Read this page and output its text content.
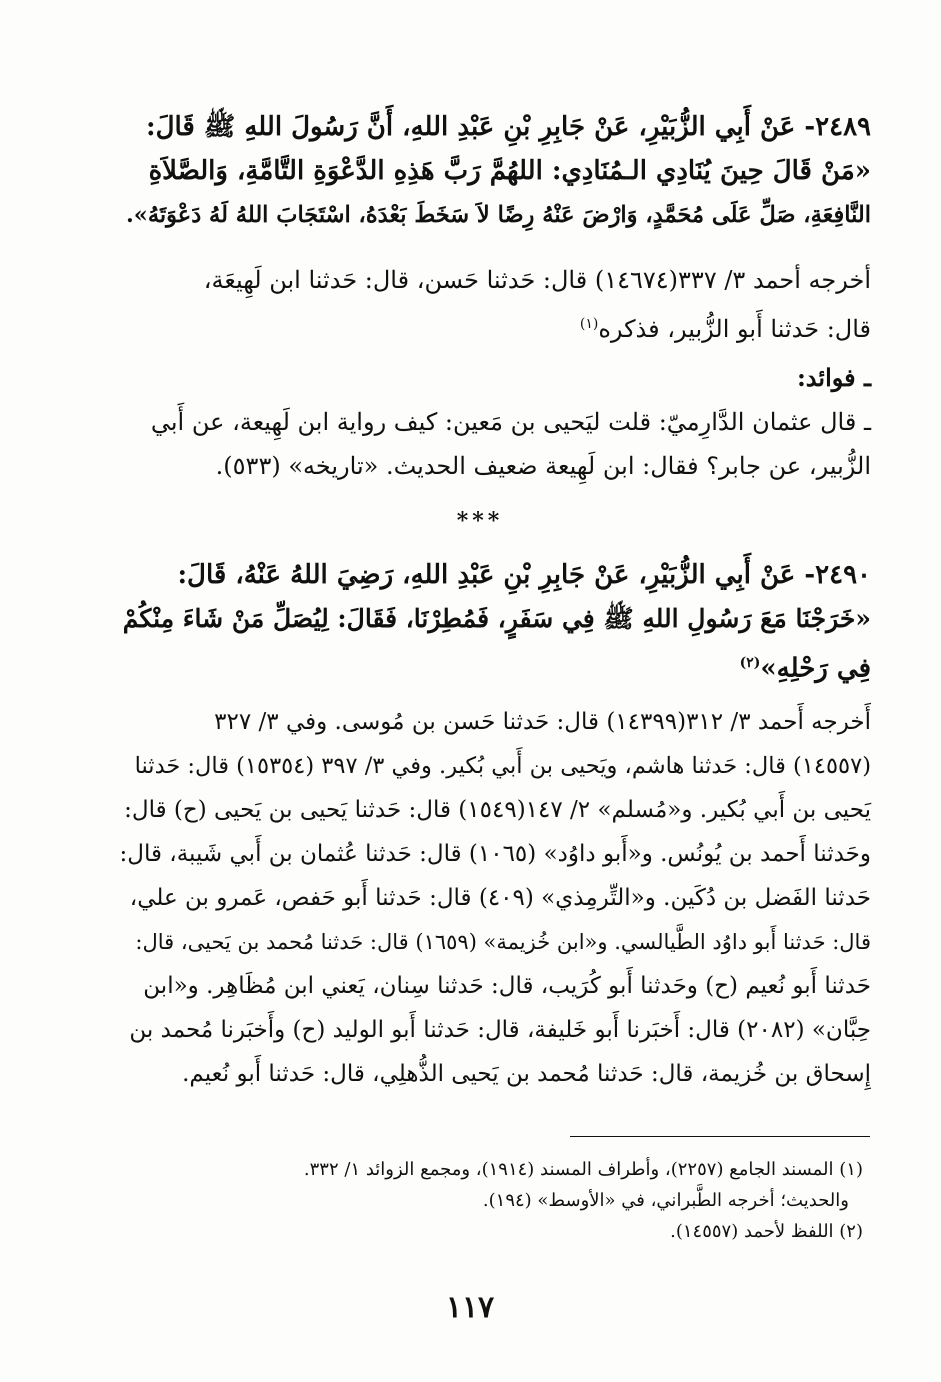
٢٤٨٩- عَنْ أَبِي الزُّبَيْرِ، عَنْ جَابِرِ بْنِ عَبْدِ اللهِ، أَنَّ رَسُولَ اللهِ ﷺ قَالَ:
«مَنْ قَالَ حِينَ يُنَادِي الـمُنَادِي: اللهُمَّ رَبَّ هَذِهِ الدَّعْوَةِ التَّامَّةِ، وَالصَّلاَةِ
النَّافِعَةِ، صَلِّ عَلَى مُحَمَّدٍ، وَارْضَ عَنْهُ رِضًا لاَ سَخَطَ بَعْدَهُ، اسْتَجَابَ اللهُ لَهُ دَعْوَتَهُ».
أخرجه أحمد ٣/ ٣٣٧(١٤٦٧٤) قال: حَدثنا حَسن، قال: حَدثنا ابن لَهِيعَة،
قال: حَدثنا أَبو الزُّبير، فذكره$^{(١)}$
ـ فوائد:
ـ قال عثمان الدَّارِميّ: قلت ليَحيى بن مَعين: كيف رواية ابن لَهِيعة، عن أَبي
الزُّبير، عن جابر؟ فقال: ابن لَهِيعة ضعيف الحديث. «تاريخه» (٥٣٣).
***
٢٤٩٠- عَنْ أَبِي الزُّبَيْرِ، عَنْ جَابِرِ بْنِ عَبْدِ اللهِ، رَضِيَ اللهُ عَنْهُ، قَالَ:
«خَرَجْنَا مَعَ رَسُولِ اللهِ ﷺ فِي سَفَرٍ، فَمُطِرْنَا، فَقَالَ: لِيُصَلِّ مَنْ شَاءَ مِنْكُمْ
فِي رَحْلِهِ»$^{(٢)}$
أَخرجه أَحمد ٣/ ٣١٢(١٤٣٩٩) قال: حَدثنا حَسن بن مُوسى. وفي ٣/ ٣٢٧
(١٤٥٥٧) قال: حَدثنا هاشم، ويَحيى بن أَبي بُكير. وفي ٣/ ٣٩٧ (١٥٣٥٤) قال: حَدثنا
يَحيى بن أَبي بُكير. و«مُسلم» ٢/ ١٤٧(١٥٤٩) قال: حَدثنا يَحيى بن يَحيى (ح) قال:
وحَدثنا أَحمد بن يُونُس. و«أَبو داوُد» (١٠٦٥) قال: حَدثنا عُثمان بن أَبي شَيبة، قال:
حَدثنا الفَضل بن دُكَين. و«التِّرمِذي» (٤٠٩) قال: حَدثنا أَبو حَفص، عَمرو بن علي،
قال: حَدثنا أَبو داوُد الطَّيالسي. و«ابن خُزيمة» (١٦٥٩) قال: حَدثنا مُحمد بن يَحيى، قال:
حَدثنا أَبو نُعيم (ح) وحَدثنا أَبو كُرَيب، قال: حَدثنا سِنان، يَعني ابن مُظَاهِر. و«ابن
حِبَّان» (٢٠٨٢) قال: أَخبَرنا أَبو خَليفة، قال: حَدثنا أَبو الوليد (ح) وأَخبَرنا مُحمد بن
إِسحاق بن خُزيمة، قال: حَدثنا مُحمد بن يَحيى الذُّهلِي، قال: حَدثنا أَبو نُعيم.
(١) المسند الجامع (٢٢٥٧)، وأطراف المسند (١٩١٤)، ومجمع الزوائد ١/ ٣٣٢.
والحديث؛ أخرجه الطَّبراني، في «الأوسط» (١٩٤).
(٢) اللفظ لأحمد (١٤٥٥٧).
١١٧
